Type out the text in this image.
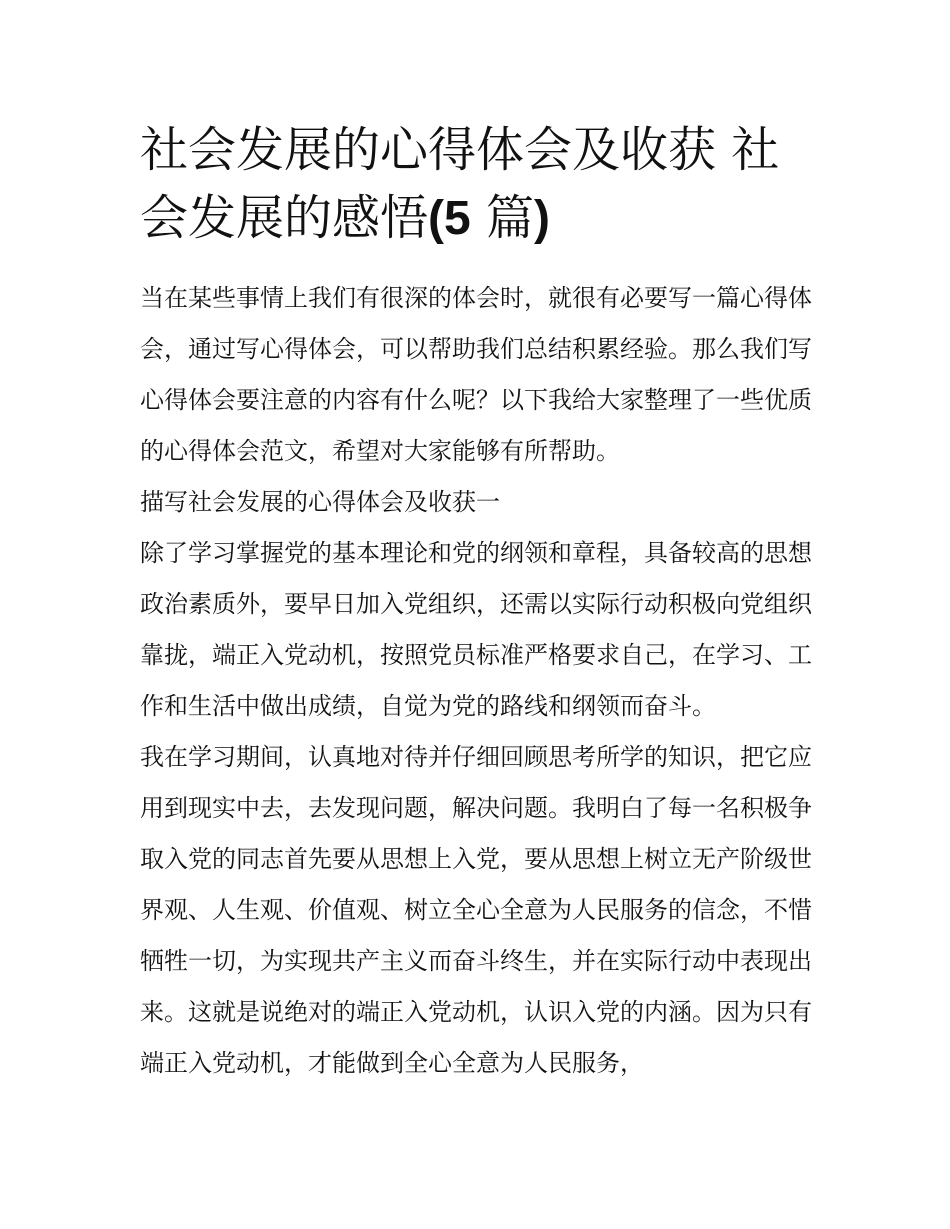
社会发展的心得体会及收获 社会发展的感悟(5 篇)

当在某些事情上我们有很深的体会时，就很有必要写一篇心得体会，通过写心得体会，可以帮助我们总结积累经验。那么我们写心得体会要注意的内容有什么呢？以下我给大家整理了一些优质的心得体会范文，希望对大家能够有所帮助。

描写社会发展的心得体会及收获一

除了学习掌握党的基本理论和党的纲领和章程，具备较高的思想政治素质外，要早日加入党组织，还需以实际行动积极向党组织靠拢，端正入党动机，按照党员标准严格要求自己，在学习、工作和生活中做出成绩，自觉为党的路线和纲领而奋斗。

我在学习期间，认真地对待并仔细回顾思考所学的知识，把它应用到现实中去，去发现问题，解决问题。我明白了每一名积极争取入党的同志首先要从思想上入党，要从思想上树立无产阶级世界观、人生观、价值观、树立全心全意为人民服务的信念，不惜牺牲一切，为实现共产主义而奋斗终生，并在实际行动中表现出来。这就是说绝对的端正入党动机，认识入党的内涵。因为只有端正入党动机，才能做到全心全意为人民服务，
